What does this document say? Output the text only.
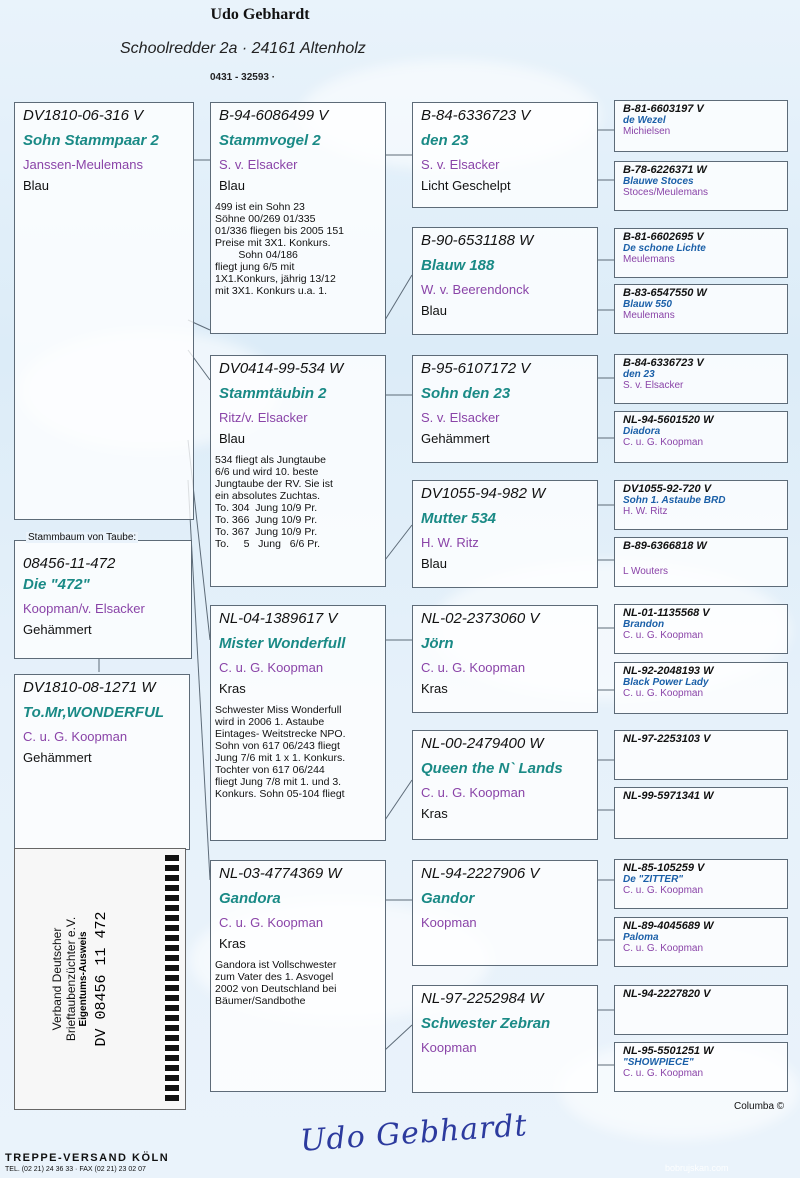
Udo Gebhardt
Schoolredder 2a · 24161 Altenholz
0431 - 32593 ·
DV1810-06-316 V
Sohn Stammpaar 2
Janssen-Meulemans
Blau
08456-11-472
Die "472"
Koopman/v. Elsacker
Gehämmert
Stammbaum von Taube:
DV1810-08-1271 W
To.Mr,WONDERFUL
C. u. G. Koopman
Gehämmert
B-94-6086499 V
Stammvogel 2
S. v. Elsacker
Blau
499 ist ein Sohn 23
Söhne 00/269 01/335
01/336 fliegen bis 2005 151
Preise mit 3X1. Konkurs.
Sohn 04/186
fliegt jung 6/5 mit
1X1.Konkurs, jährig 13/12
mit 3X1. Konkurs u.a. 1.
DV0414-99-534 W
Stammtäubin 2
Ritz/v. Elsacker
Blau
534 fliegt als Jungtaube
6/6 und wird 10. beste
Jungtaube der RV. Sie ist
ein absolutes Zuchtas.
To. 304  Jung 10/9 Pr.
To. 366  Jung 10/9 Pr.
To. 367  Jung 10/9 Pr.
To.     5   Jung   6/6 Pr.
NL-04-1389617 V
Mister Wonderfull
C. u. G. Koopman
Kras
Schwester Miss Wonderfull
wird in 2006 1. Astaube
Eintages- Weitstrecke NPO.
Sohn von 617 06/243 fliegt
Jung 7/6 mit 1 x 1. Konkurs.
Tochter von 617 06/244
fliegt Jung 7/8 mit 1. und 3.
Konkurs. Sohn 05-104 fliegt
NL-03-4774369 W
Gandora
C. u. G. Koopman
Kras
Gandora ist Vollschwester
zum Vater des 1. Asvogel
2002 von Deutschland bei
Bäumer/Sandbothe
B-84-6336723 V
den 23
S. v. Elsacker
Licht Geschelpt
B-90-6531188 W
Blauw 188
W. v. Beerendonck
Blau
B-95-6107172 V
Sohn den 23
S. v. Elsacker
Gehämmert
DV1055-94-982 W
Mutter 534
H. W. Ritz
Blau
NL-02-2373060 V
Jörn
C. u. G. Koopman
Kras
NL-00-2479400 W
Queen the N` Lands
C. u. G. Koopman
Kras
NL-94-2227906 V
Gandor
Koopman
NL-97-2252984 W
Schwester Zebran
Koopman
B-81-6603197 V
de Wezel
Michielsen
B-78-6226371 W
Blauwe Stoces
Stoces/Meulemans
B-81-6602695 V
De schone Lichte
Meulemans
B-83-6547550 W
Blauw 550
Meulemans
B-84-6336723 V
den 23
S. v. Elsacker
NL-94-5601520 W
Diadora
C. u. G. Koopman
DV1055-92-720 V
Sohn 1. Astaube BRD
H. W. Ritz
B-89-6366818 W
L Wouters
NL-01-1135568 V
Brandon
C. u. G. Koopman
NL-92-2048193 W
Black Power Lady
C. u. G. Koopman
NL-97-2253103 V
NL-99-5971341 W
NL-85-105259 V
De "ZITTER"
C. u. G. Koopman
NL-89-4045689 W
Paloma
C. u. G. Koopman
NL-94-2227820 V
NL-95-5501251 W
"SHOWPIECE"
C. u. G. Koopman
Verband Deutscher Brieftaubenzüchter e.V. Eigentums-Ausweis DV 08456 11 472
TREPPE-VERSAND KÖLN
TEL. (02 21) 24 36 33 · FAX (02 21) 23 02 07
Udo Gebhardt
Columba ©
bobrujskan.com
